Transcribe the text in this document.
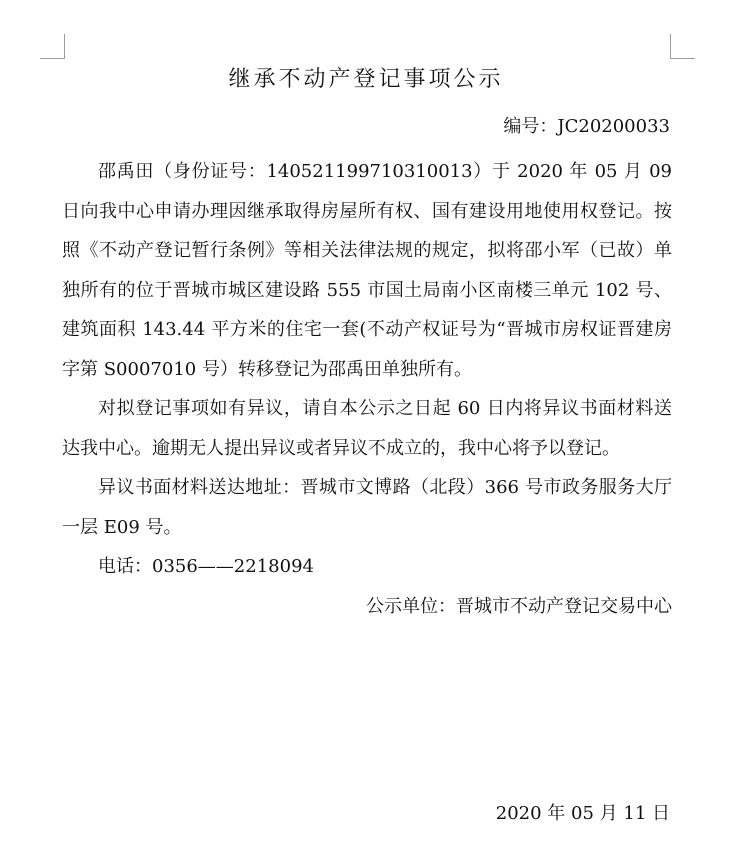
继承不动产登记事项公示
编号：JC20200033

邵禹田（身份证号：140521199710310013）于 2020 年 05 月 09 日向我中心申请办理因继承取得房屋所有权、国有建设用地使用权登记。按照《不动产登记暂行条例》等相关法律法规的规定，拟将邵小军（已故）单独所有的位于晋城市城区建设路 555 市国土局南小区南楼三单元 102 号、建筑面积 143.44 平方米的住宅一套(不动产权证号为“晋城市房权证晋建房字第 S0007010 号）转移登记为邵禹田单独所有。

对拟登记事项如有异议，请自本公示之日起 60 日内将异议书面材料送达我中心。逾期无人提出异议或者异议不成立的，我中心将予以登记。

异议书面材料送达地址：晋城市文博路（北段）366 号市政务服务大厅一层 E09 号。

电话：0356——2218094

公示单位：晋城市不动产登记交易中心

2020 年 05 月 11 日
